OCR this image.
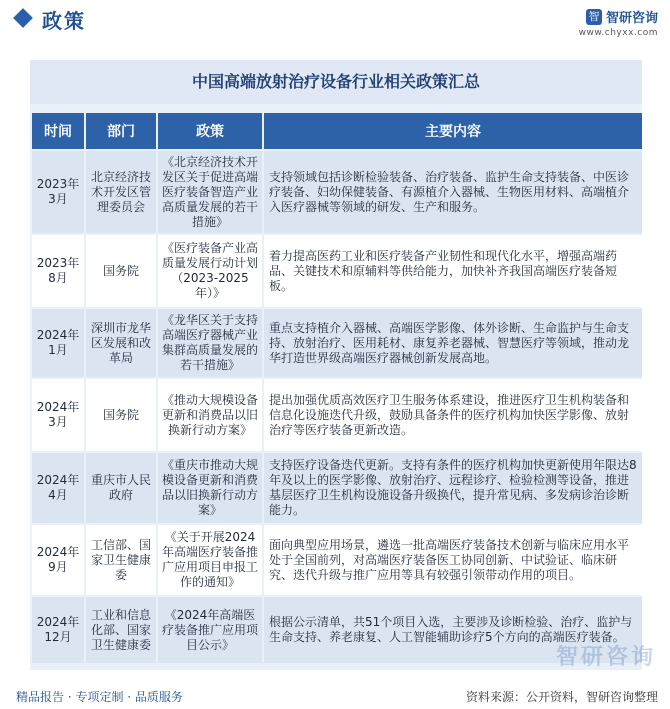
政策	智 智研咨询
www.chyxx.com
中国高端放射治疗设备行业相关政策汇总
时间	部门	政策	主要内容
2023年3月	北京经济技术开发区管理委员会	《北京经济技术开发区关于促进高端医疗装备智造产业高质量发展的若干措施》	支持领域包括诊断检验装备、治疗装备、监护生命支持装备、中医诊疗装备、妇幼保健装备、有源植介入器械、生物医用材料、高端植介入医疗器械等领域的研发、生产和服务。
2023年8月	国务院	《医疗装备产业高质量发展行动计划（2023-2025年）》	着力提高医药工业和医疗装备产业韧性和现代化水平，增强高端药品、关键技术和原辅料等供给能力，加快补齐我国高端医疗装备短板。
2024年1月	深圳市龙华区发展和改革局	《龙华区关于支持高端医疗器械产业集群高质量发展的若干措施》	重点支持植介入器械、高端医学影像、体外诊断、生命监护与生命支持、放射治疗、医用耗材、康复养老器械、智慧医疗等领域，推动龙华打造世界级高端医疗器械创新发展高地。
2024年3月	国务院	《推动大规模设备更新和消费品以旧换新行动方案》	提出加强优质高效医疗卫生服务体系建设，推进医疗卫生机构装备和信息化设施迭代升级，鼓励具备条件的医疗机构加快医学影像、放射治疗等医疗装备更新改造。
2024年4月	重庆市人民政府	《重庆市推动大规模设备更新和消费品以旧换新行动方案》	支持医疗设备迭代更新。支持有条件的医疗机构加快更新使用年限达8年及以上的医学影像、放射治疗、远程诊疗、检验检测等设备，推进基层医疗卫生机构设施设备升级换代，提升常见病、多发病诊治诊断能力。
2024年9月	工信部、国家卫生健康委	《关于开展2024年高端医疗装备推广应用项目申报工作的通知》	面向典型应用场景，遴选一批高端医疗装备技术创新与临床应用水平处于全国前列，对高端医疗装备医工协同创新、中试验证、临床研究、迭代升级与推广应用等具有较强引领带动作用的项目。
2024年12月	工业和信息化部、国家卫生健康委	《2024年高端医疗装备推广应用项目公示》	根据公示清单，共51个项目入选，主要涉及诊断检验、治疗、监护与生命支持、养老康复、人工智能辅助诊疗5个方向的高端医疗装备。
智研咨询
精品报告 · 专项定制 · 品质服务	资料来源：公开资料，智研咨询整理
